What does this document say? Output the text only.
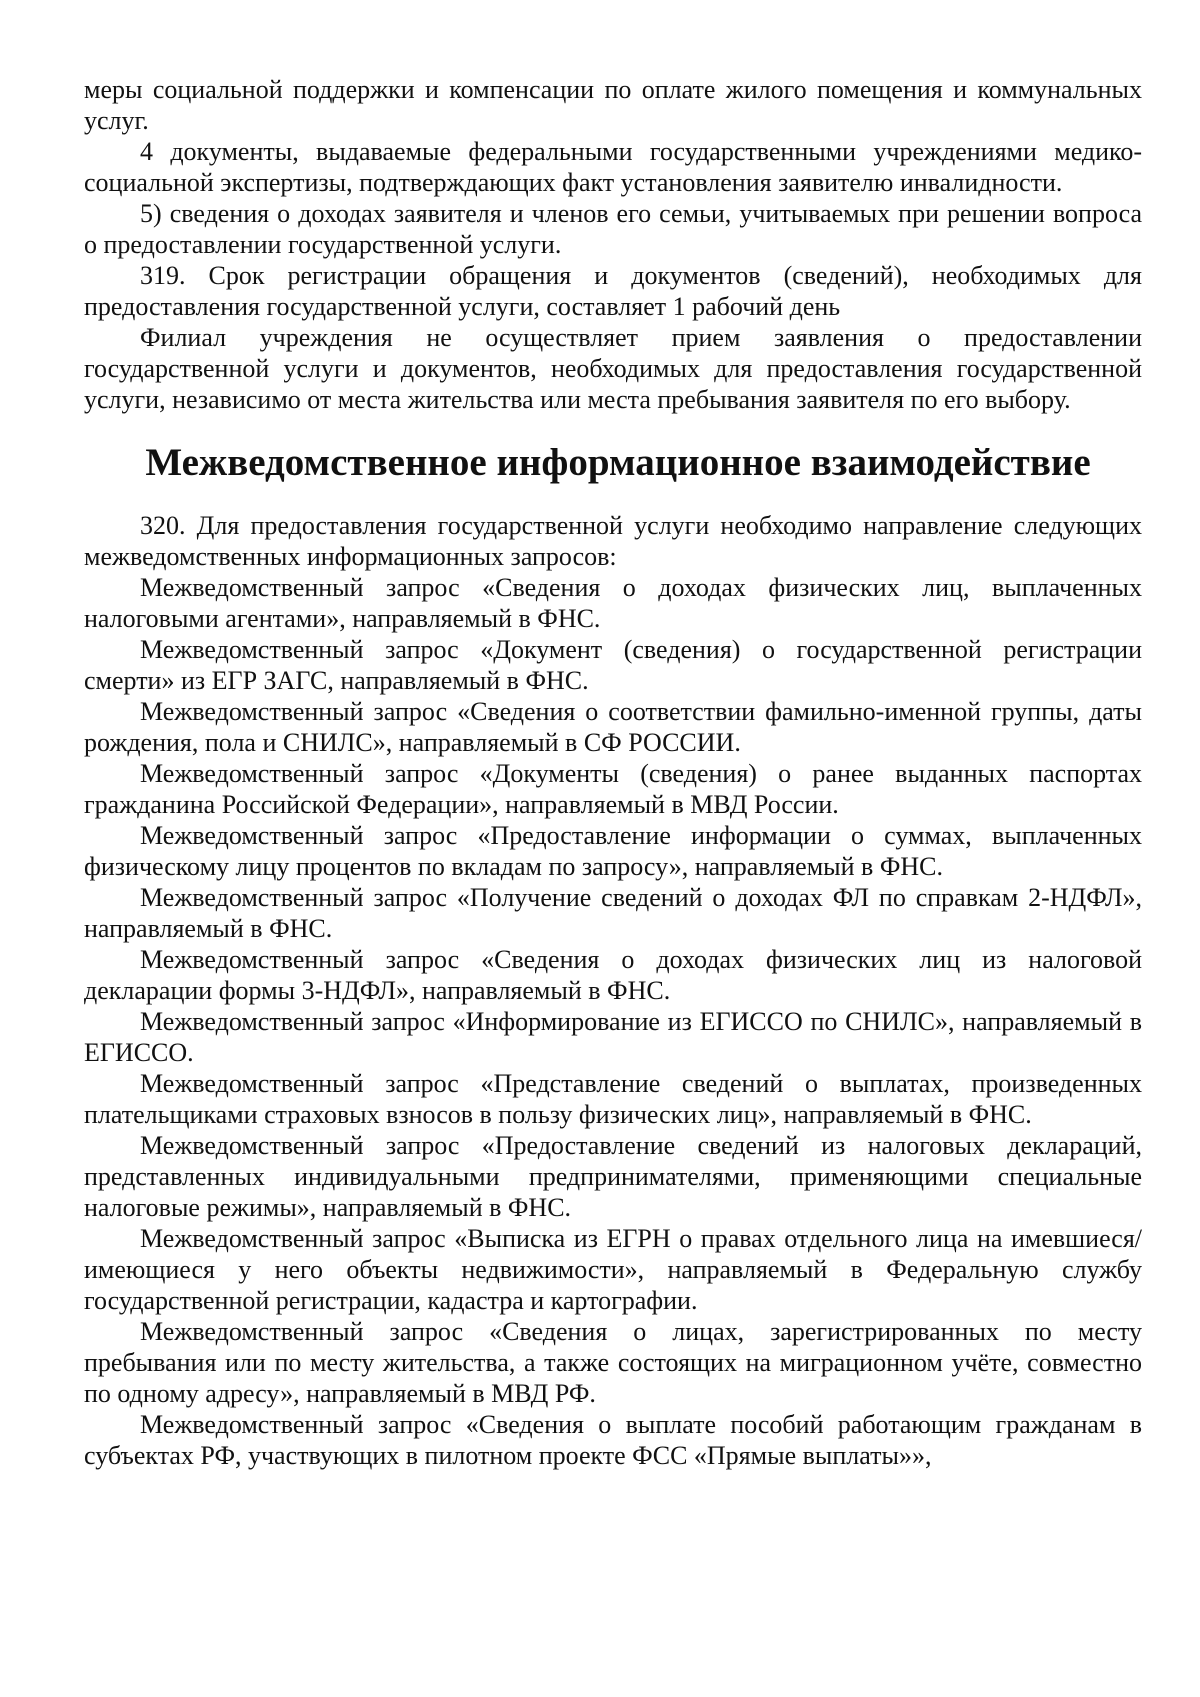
меры социальной поддержки и компенсации по оплате жилого помещения и коммунальных услуг.

4 документы, выдаваемые федеральными государственными учреждениями медико-социальной экспертизы, подтверждающих факт установления заявителю инвалидности.

5) сведения о доходах заявителя и членов его семьи, учитываемых при решении вопроса о предоставлении государственной услуги.

319. Срок регистрации обращения и документов (сведений), необходимых для предоставления государственной услуги, составляет 1 рабочий день

Филиал учреждения не осуществляет прием заявления о предоставлении государственной услуги и документов, необходимых для предоставления государственной услуги, независимо от места жительства или места пребывания заявителя по его выбору.

Межведомственное информационное взаимодействие

320. Для предоставления государственной услуги необходимо направление следующих межведомственных информационных запросов:

Межведомственный запрос «Сведения о доходах физических лиц, выплаченных налоговыми агентами», направляемый в ФНС.

Межведомственный запрос «Документ (сведения) о государственной регистрации смерти» из ЕГР ЗАГС, направляемый в ФНС.

Межведомственный запрос «Сведения о соответствии фамильно-именной группы, даты рождения, пола и СНИЛС», направляемый в СФ РОССИИ.

Межведомственный запрос «Документы (сведения) о ранее выданных паспортах гражданина Российской Федерации», направляемый в МВД России.

Межведомственный запрос «Предоставление информации о суммах, выплаченных физическому лицу процентов по вкладам по запросу», направляемый в ФНС.

Межведомственный запрос «Получение сведений о доходах ФЛ по справкам 2-НДФЛ», направляемый в ФНС.

Межведомственный запрос «Сведения о доходах физических лиц из налоговой декларации формы 3-НДФЛ», направляемый в ФНС.

Межведомственный запрос «Информирование из ЕГИССО по СНИЛС», направляемый в ЕГИССО.

Межведомственный запрос «Представление сведений о выплатах, произведенных плательщиками страховых взносов в пользу физических лиц», направляемый в ФНС.

Межведомственный запрос «Предоставление сведений из налоговых деклараций, представленных индивидуальными предпринимателями, применяющими специальные налоговые режимы», направляемый в ФНС.

Межведомственный запрос «Выписка из ЕГРН о правах отдельного лица на имевшиеся/имеющиеся у него объекты недвижимости», направляемый в Федеральную службу государственной регистрации, кадастра и картографии.

Межведомственный запрос «Сведения о лицах, зарегистрированных по месту пребывания или по месту жительства, а также состоящих на миграционном учёте, совместно по одному адресу», направляемый в МВД РФ.

Межведомственный запрос «Сведения о выплате пособий работающим гражданам в субъектах РФ, участвующих в пилотном проекте ФСС «Прямые выплаты»»,
